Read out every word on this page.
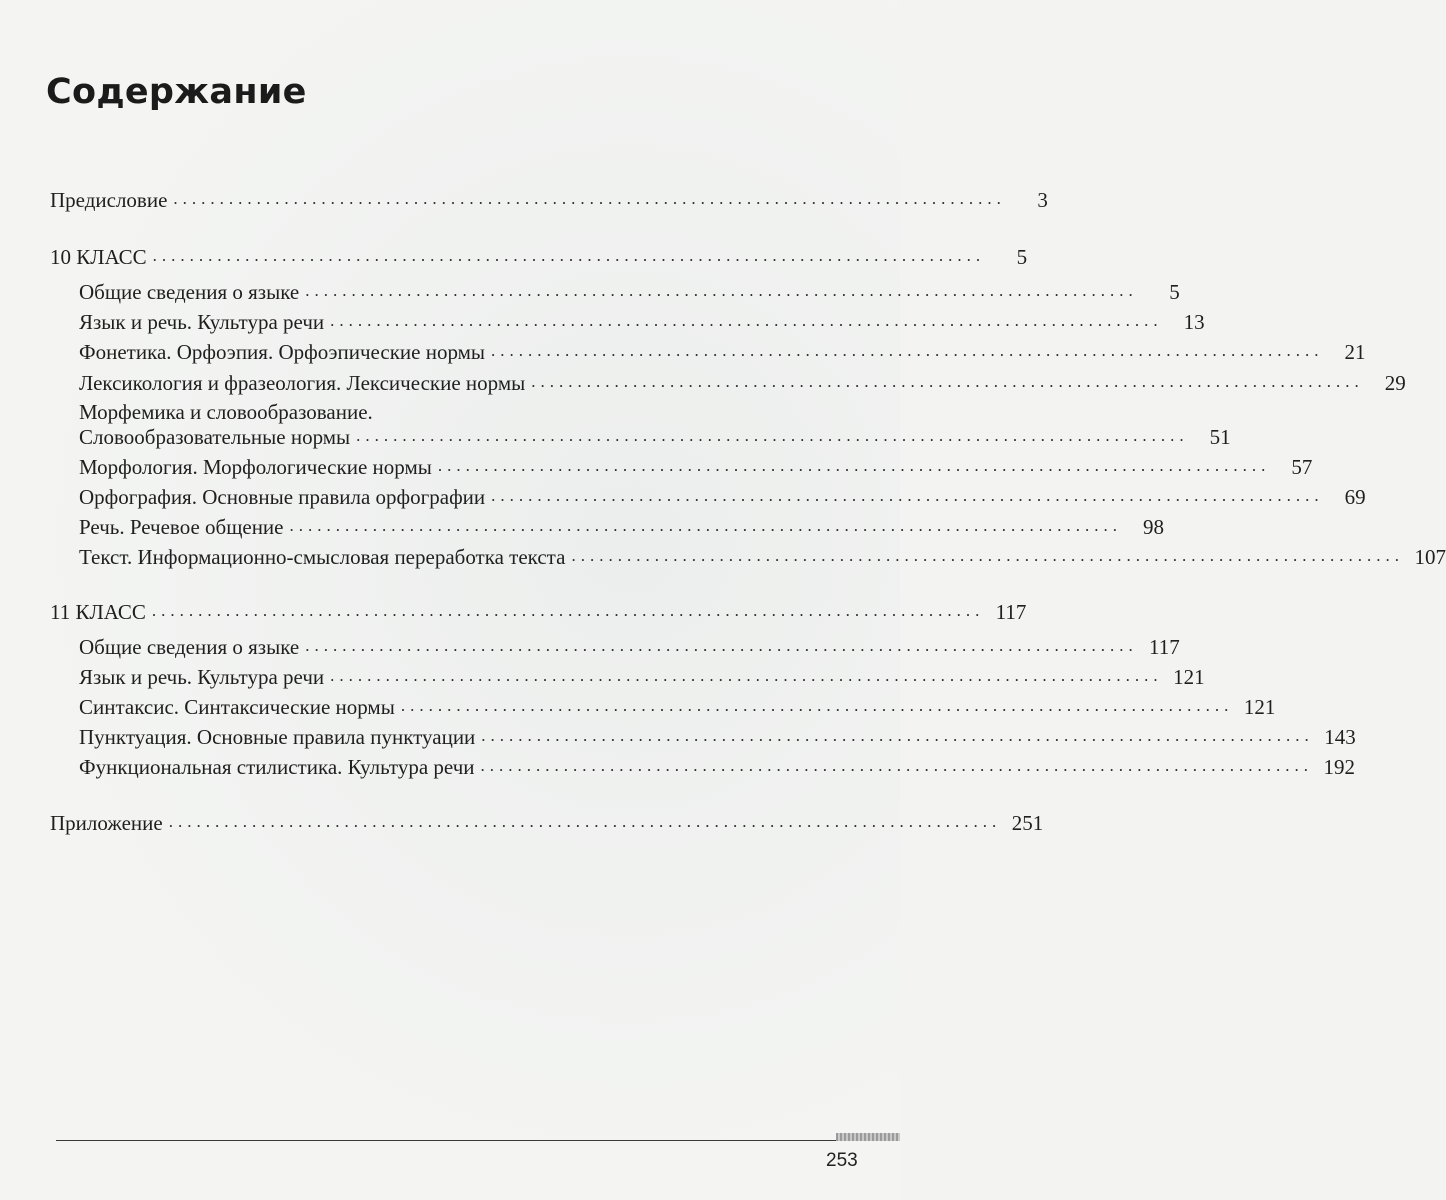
Содержание
Предисловие ..........................................................................................	3
10 КЛАСС ..........................................................................................	5
Общие сведения о языке ..........................................................................................	5
Язык и речь. Культура речи ..........................................................................................	13
Фонетика. Орфоэпия. Орфоэпические нормы ..........................................................................................	21
Лексикология и фразеология. Лексические нормы ..........................................................................................	29
Морфемика и словообразование.
Словообразовательные нормы ..........................................................................................	51
Морфология. Морфологические нормы ..........................................................................................	57
Орфография. Основные правила орфографии ..........................................................................................	69
Речь. Речевое общение ..........................................................................................	98
Текст. Информационно-смысловая переработка текста .......................................................................................... 107
11 КЛАСС .......................................................................................... 117
Общие сведения о языке .......................................................................................... 117
Язык и речь. Культура речи .......................................................................................... 121
Синтаксис. Синтаксические нормы .......................................................................................... 121
Пунктуация. Основные правила пунктуации .......................................................................................... 143
Функциональная стилистика. Культура речи .......................................................................................... 192
Приложение .......................................................................................... 251
253
